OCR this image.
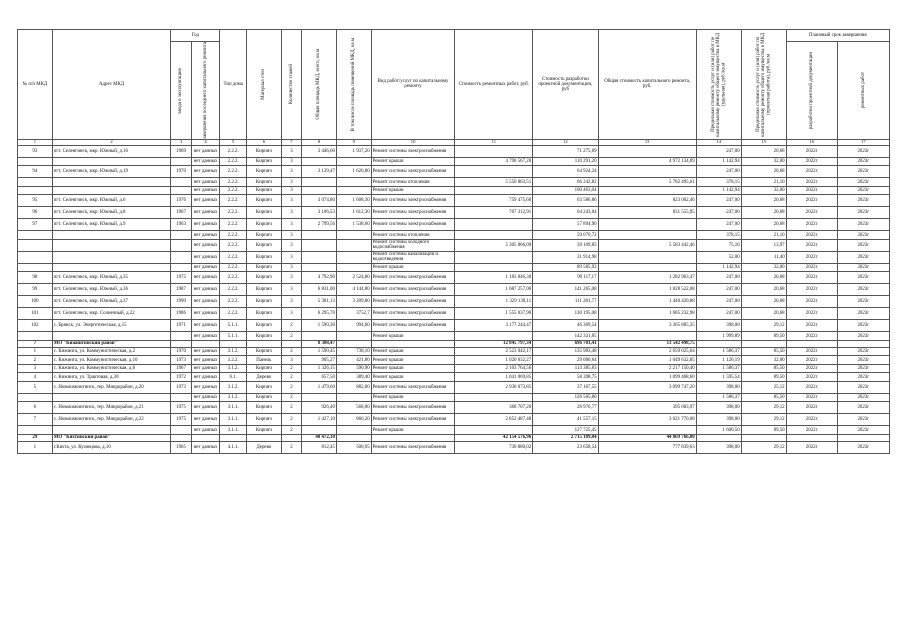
№ п/п МКД	Адрес МКД	Год		Тип дома	Материал стен	Количество этажей	Общая площадь МКД, всего, кв.м	В том числе площадь помещений МКД, кв.м	Вид работ/услуг по капитальному ремонту	Стоимость ремонтных работ, руб.	Стоимость разработки проектной документации, руб	Общая стоимость капитального ремонта, руб.	Предельная стоимость услуг и (или) работ по капитальному ремонту общего имущества в МКД (удельная), руб./кв.м	Предельная стоимость услуг и (или) работ по капитальному ремонту общего имущества в МКД (проектная работа), руб./кв.м	Плановый срок завершения	

		ввода в эксплуатацию	завершения последнего капитального ремонта												разработки проектной документации	ремонтных работ

1	2	3	4	5	6	7	8	9	10	11	12	13	14	15	16	17
93	пгт. Селенгинск, мкр. Южный, д.16	1969	нет данных	2.2.2.	Кирпич	3	3 446,60	1 937,20	Ремонт системы электроснабжения		71 275,69		247,00	20,68	2022г	2023г
			нет данных	2.2.2.	Кирпич	3			Ремонт крыши	4 790 567,20	110 291,20	4 972 134,09	1 142,94	32,00	2022г	2023г
94	пгт. Селенгинск, мкр. Южный, д.19	1970	нет данных	2.2.2.	Кирпич	3	3 139,47	1 626,80	Ремонт системы электроснабжения		64 924,24		247,00	20,68	2022г	2023г
			нет данных	2.2.2.	Кирпич	3			Ремонт системы отопления	5 550 863,51	66 242,82	5 782 495,61	378,15	21,10	2022г	2023г
			нет данных	2.2.2.	Кирпич	3			Ремонт крыши		100 463,04		1 142,94	32,00	2022г	2023г
95	пгт. Селенгинск, мкр. Южный, д.6	1976	нет данных	2.2.2.	Кирпич	3	3 074,80	1 608,30	Ремонт системы электроснабжения	759 475,60	63 586,86	823 062,46	247,00	20,68	2022г	2023г
96	пгт. Селенгинск, мкр. Южный, д.8	1967	нет данных	2.2.2.	Кирпич	3	3 106,53	1 612,30	Ремонт системы электроснабжения	767 312,91	64 243,04	831 555,95	247,00	20,68	2022г	2023г
97	пгт. Селенгинск, мкр. Южный, д.9	1963	нет данных	2.2.2.	Кирпич	3	2 799,56	1 538,60	Ремонт системы электроснабжения		57 894,90		247,00	20,68	2022г	2023г
			нет данных	2.2.2.	Кирпич	3			Ремонт системы отопления		59 070,72		378,15	21,10	2022г	2023г
			нет данных	2.2.2.	Кирпич	3			Ремонт системы холодного водоснабжения	5 305 866,09	39 109,85	5 583 442,46	75,16	13,97	2022г	2023г
			нет данных	2.2.2.	Кирпич	3			Ремонт системы канализации и водоотведения		31 914,98		52,00	11,40	2022г	2023г
			нет данных	2.2.2.	Кирпич	3			Ремонт крыши		89 585,92		1 142,94	32,00	2022г	2023г
98	пгт. Селенгинск, мкр. Южный, д.35	1975	нет данных	2.2.2.	Кирпич	3	4 792,90	2 524,80	Ремонт системы электроснабжения	1 183 846,30	99 117,17	1 282 963,47	247,00	20,68	2022г	2023г
99	пгт. Селенгинск, мкр. Южный, д.36	1987	нет данных	2.2.2.	Кирпич	3	6 831,00	4 144,80	Ремонт системы электроснабжения	1 687 257,00	141 265,08	1 828 522,08	247,00	20,68	2022г	2023г
100	пгт. Селенгинск, мкр. Южный, д.37	1990	нет данных	2.2.2.	Кирпич	3	5 381,13	3 209,80	Ремонт системы электроснабжения	1 329 139,11	111 281,77	1 440 420,88	247,00	20,68	2022г	2023г
101	пгт. Селенгинск, мкр. Солнечный, д.22	1986	нет данных	2.2.2.	Кирпич	3	6 295,70	3752,7	Ремонт системы электроснабжения	1 555 037,90	130 195,08	1 685 232,98	247,00	20,68	2022г	2023г
102	с. Брянск, ул. Энергетическая, д.15	1971	нет данных	5.1.1.	Кирпич	2	1 590,30	994,60	Ремонт системы электроснабжения	3 177 244,47	46 309,54	3 365 885,35	398,00	29,12	2022г	2023г
			нет данных	5.1.1.	Кирпич	2			Ремонт крыши		142 331,85		1 999,89	89,50	2022г	2023г
7	МО "Кижингинский район"						8 308,47			12 845 797,34	696 701,41	13 542 498,75				
1	с. Кижинга, ул. Коммунистическая, д.2	1970	нет данных	3.1.2.	Кирпич	2	1 590,45	738,10	Ремонт крыши	2 523 042,17	135 983,48	2 659 025,64	1 586,37	85,50	2022г	2023г
2	с. Кижинга, ул. Коммунистическая, д.10	1973	нет данных	3.2.2.	Панель	3	905,27	421,80	Ремонт крыши	1 020 632,27	29 000,64	1 049 632,85	1 126,19	32,00	2022г	2023г
3	с. Кижинга, ул. Коммунистическая, д.6	1967	нет данных	3.1.2.	Кирпич	2	1 326,15	590,90	Ремонт крыши	2 103 764,56	113 385,83	2 217 150,40	1 586,37	85,50	2022г	2023г
4	с. Кижинга, ул. Трактовая, д.30	1972	нет данных	6.1.	Дерево	2	657,50	389,40	Ремонт крыши	1 041 069,85	58 398,75	1 099 468,60	1 595,54	89,50	2022г	2023г
5	с. Новокижингинск, тер. Микрорайон, д.20	1973	нет данных	3.1.2.	Кирпич	2	1 479,60	882,00	Ремонт системы электроснабжения	2 936 073,85	37 167,55	3 099 747,20	398,00	25,12	2022г	2023г
			нет данных	3.1.2.	Кирпич	2			Ремонт крыши		126 505,80		1 586,37	85,50	2022г	2023г
6	с. Новокижингинск, тер. Микрорайон, д.21	1975	нет данных	3.1.1.	Кирпич	2	926,40	568,00	Ремонт системы электроснабжения	368 707,20	26 976,77	395 683,97	398,00	29,12	2022г	2023г
7	с. Новокижингинск, тер. Микрорайон, д.22	1975	нет данных	3.1.1.	Кирпич	2	1 427,10	866,20	Ремонт системы электроснабжения	2 852 487,48	41 557,15	3 021 770,08	398,00	29,12	2022г	2023г
			нет данных	3.1.1.	Кирпич	2			Ремонт крыши		127 725,45		1 600,50	89,50	2022г	2023г
29	МО "Кяхтинский район"						48 472,10			42 154 576,96	2 715 189,04	44 869 766,00				
1	г.Кяхта, ул. Кузнецова, д.10	1965	нет данных	4.1.1.	Дерево	2	812,45	500,95	Ремонт системы электроснабжения	730 880,02	23 658,54	777 839,63	398,00	29,12	2022г	2023г
